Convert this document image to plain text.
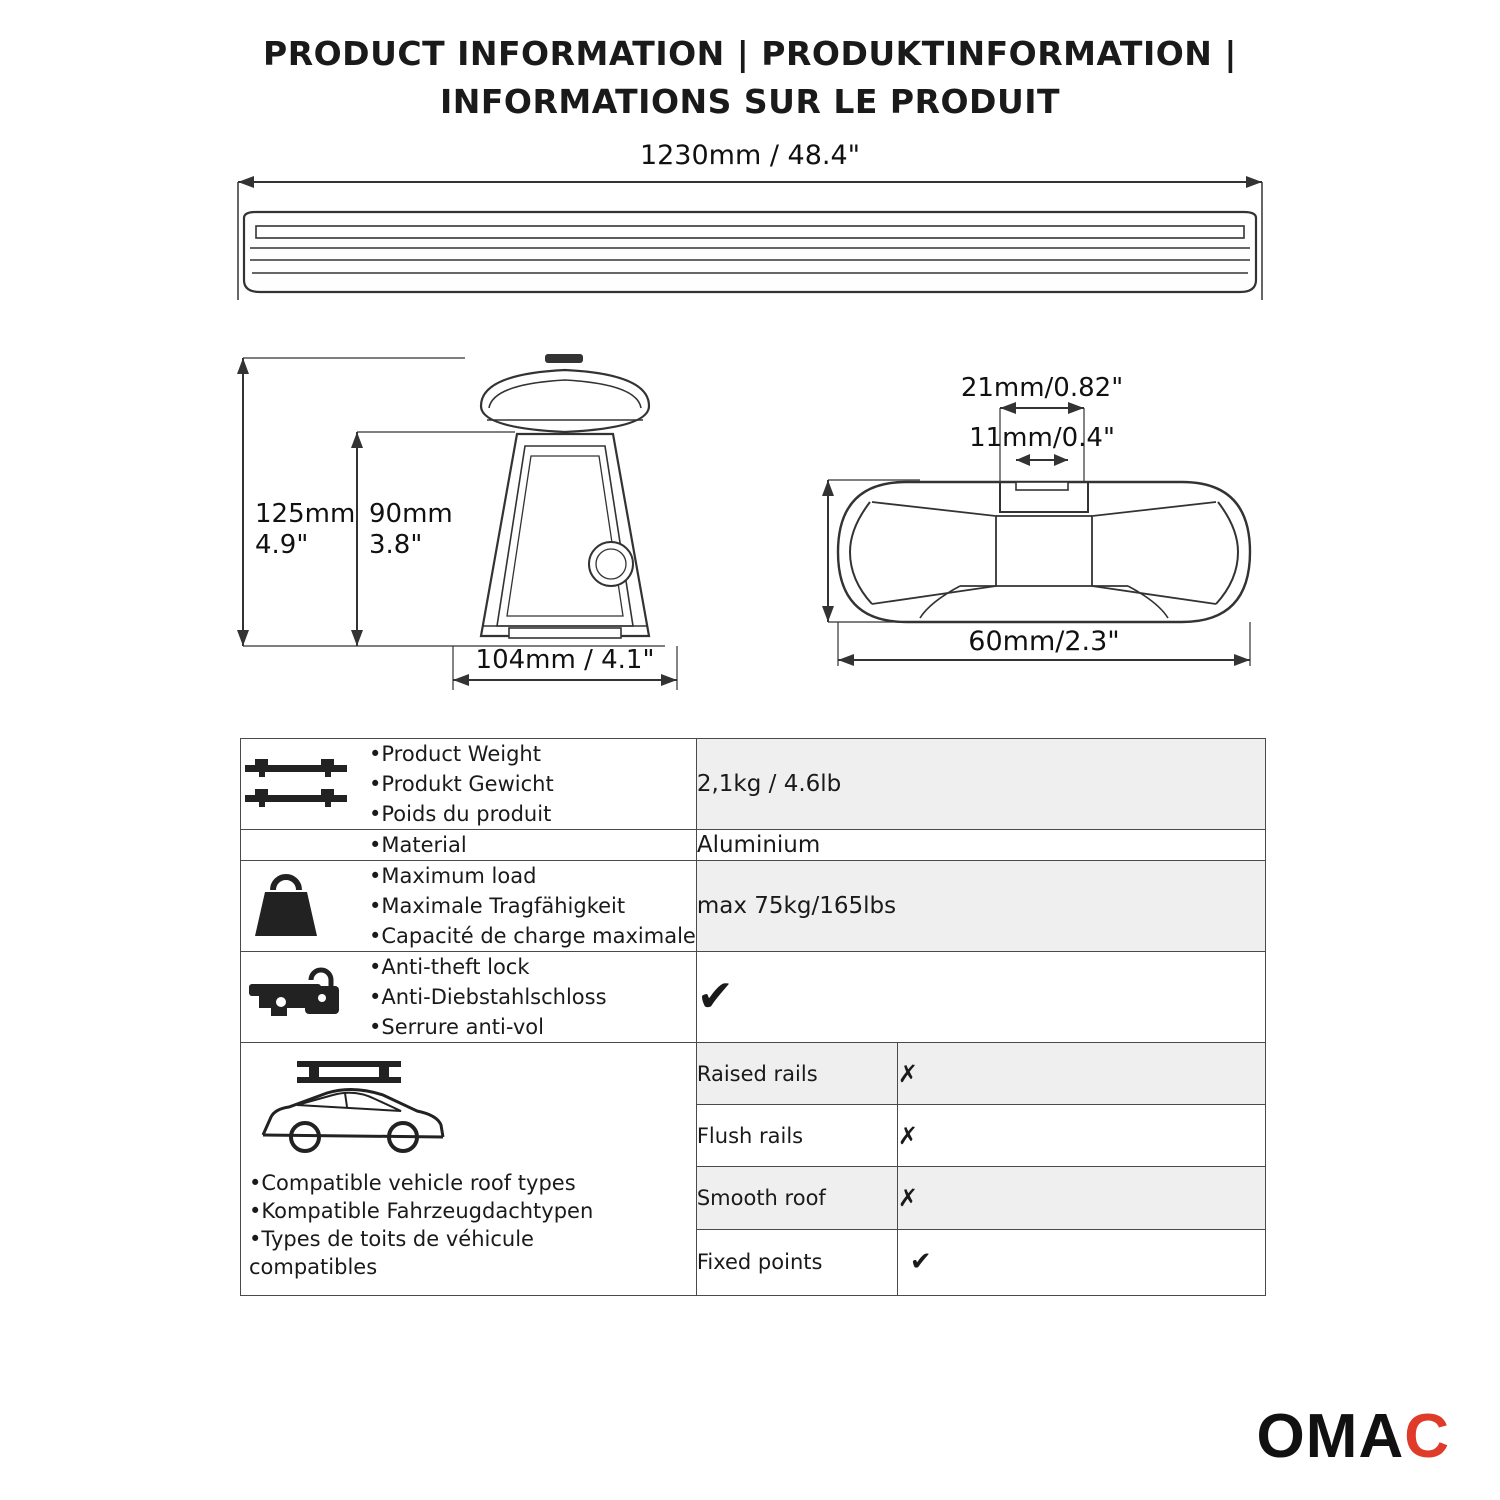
PRODUCT INFORMATION | PRODUKTINFORMATION |
INFORMATIONS SUR LE PRODUIT
1230mm / 48.4"
125mm
4.9"
90mm
3.8"
104mm / 4.1"
21mm/0.82"
11mm/0.4"
60mm/2.3"
•Product Weight
•Produkt Gewicht
•Poids du produit	2,1kg / 4.6lb	

•Material	Aluminium	

•Maximum load
•Maximale Tragfähigkeit
•Capacité de charge maximale	max 75kg/165lbs	

•Anti-theft lock
•Anti-Diebstahlschloss
•Serrure anti-vol	✔	

•Compatible vehicle roof types
•Kompatible Fahrzeugdachtypen
•Types de toits de véhicule compatibles	Raised rails	✗
	Flush rails	✗
	Smooth roof	✗
	Fixed points	✔
OMAC
